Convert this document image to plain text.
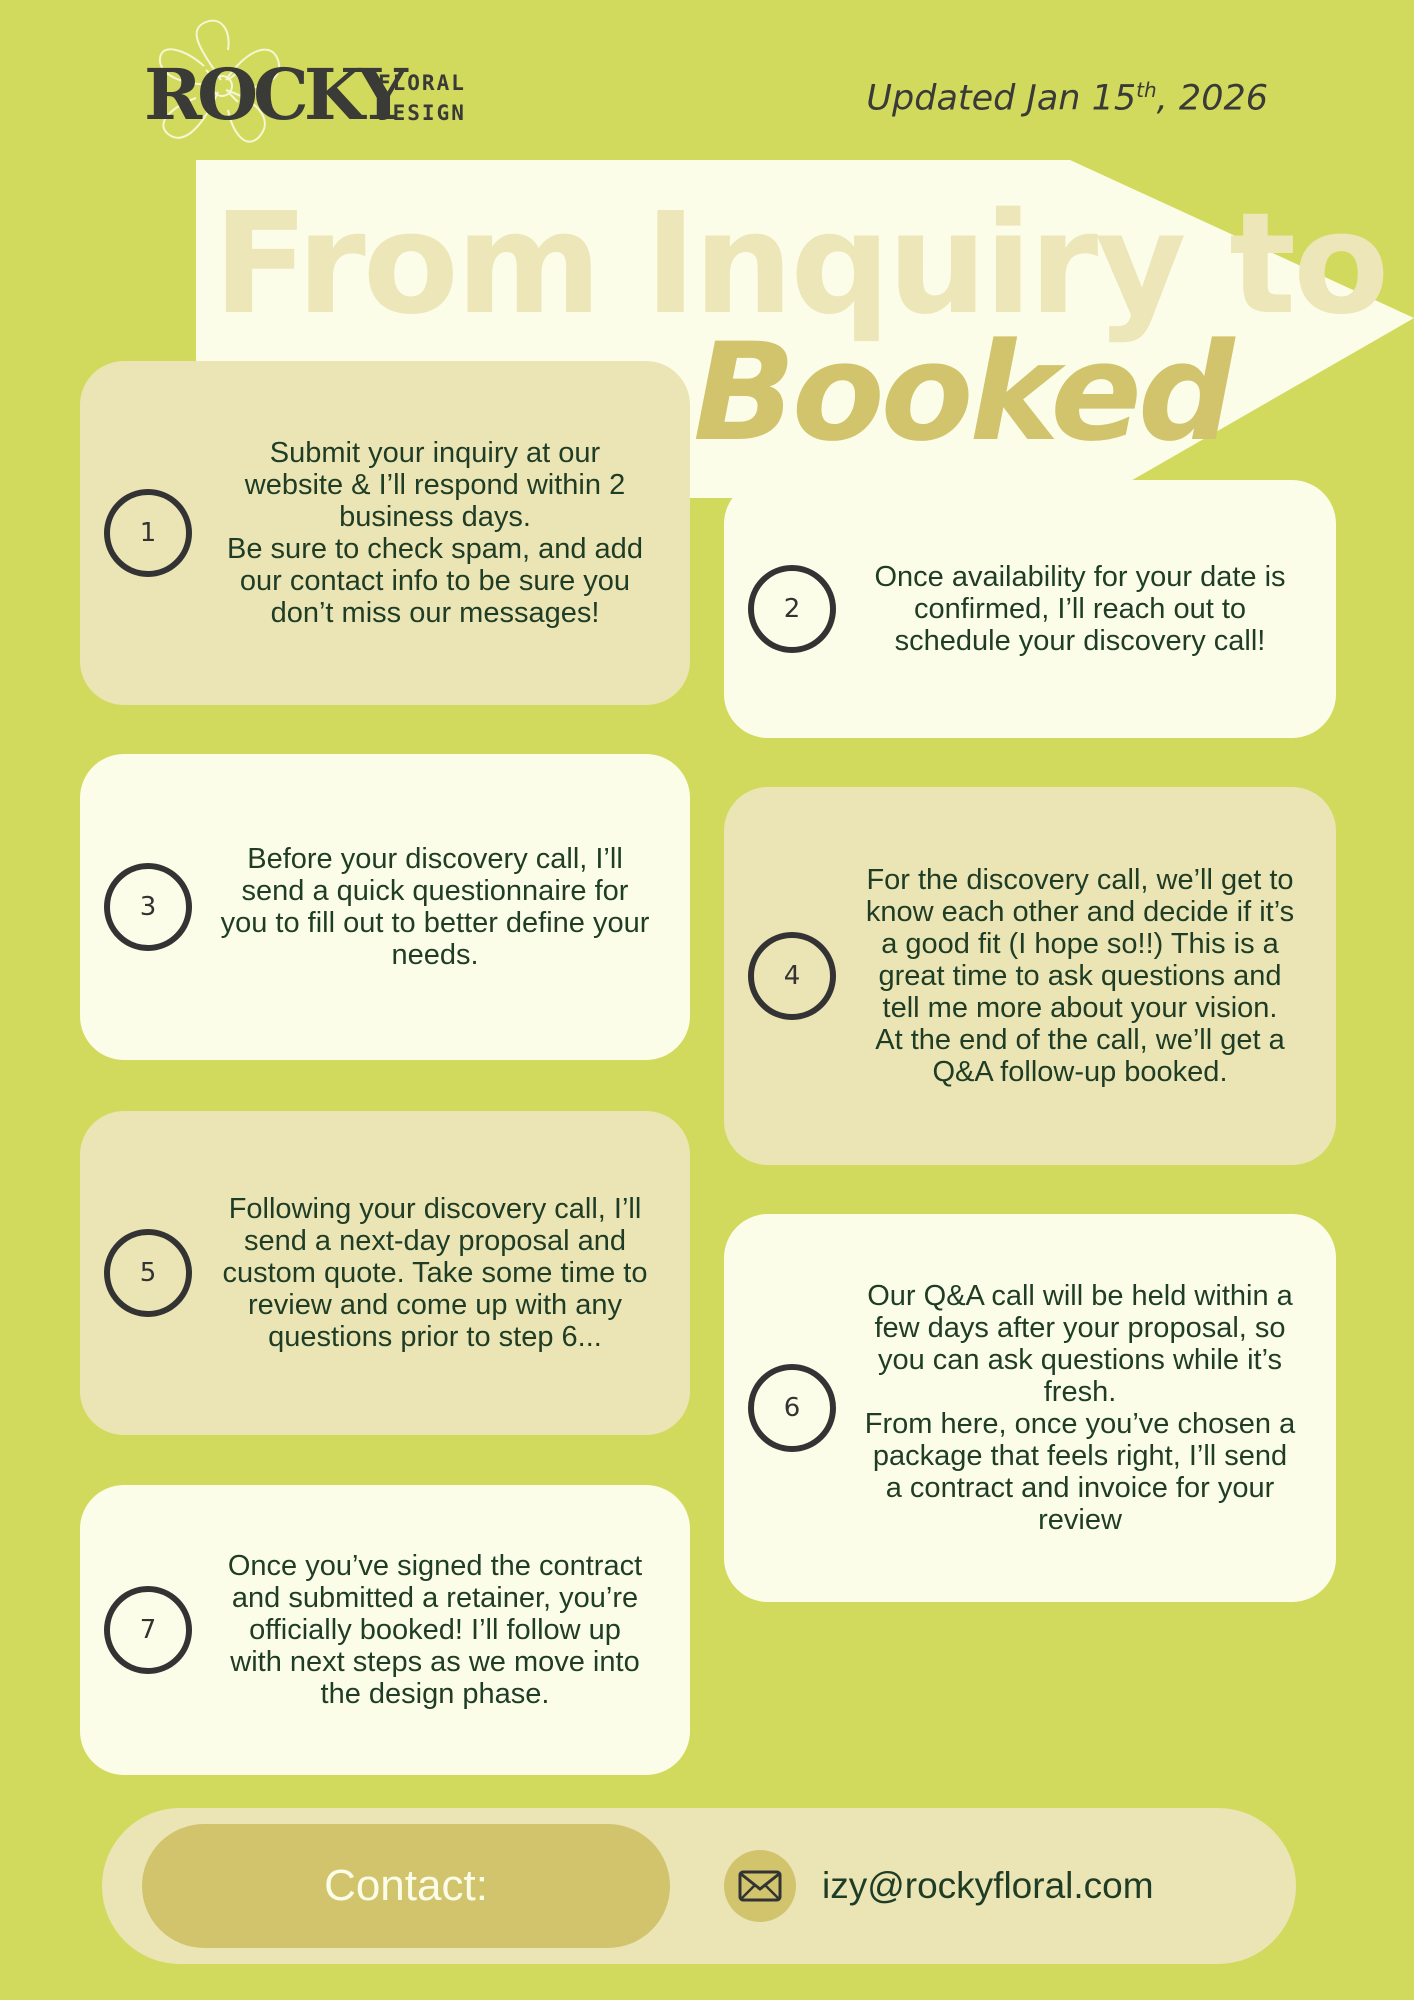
ROCKY
FLORAL
DESIGN	Updated Jan 15th, 2026
From Inquiry to
1

Submit your inquiry at our website & I’ll respond within 2 business days.

Be sure to check spam, and add our contact info to be sure you don’t miss our messages!

Booked
2

Once availability for your date is confirmed, I’ll reach out to schedule your discovery call!

3

Before your discovery call, I’ll send a quick questionnaire for you to fill out to better define your needs.

4

For the discovery call, we’ll get to know each other and decide if it’s a good fit (I hope so!!) This is a great time to ask questions and tell me more about your vision.

At the end of the call, we’ll get a Q&A follow-up booked.

5

Following your discovery call, I’ll send a next-day proposal and custom quote. Take some time to review and come up with any questions prior to step 6...

6

Our Q&A call will be held within a few days after your proposal, so you can ask questions while it’s fresh.

From here, once you’ve chosen a package that feels right, I’ll send a contract and invoice for your review

7

Once you’ve signed the contract and submitted a retainer, you’re officially booked! I’ll follow up with next steps as we move into the design phase.

Contact:	izy@rockyfloral.com
